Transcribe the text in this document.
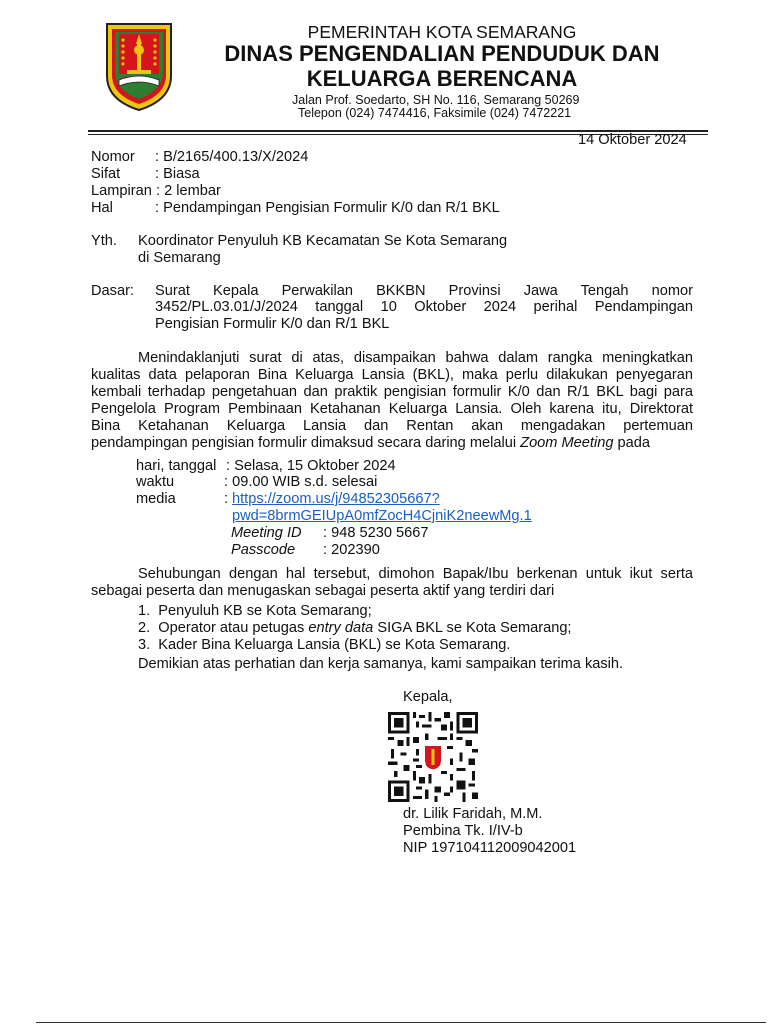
PEMERINTAH KOTA SEMARANG
DINAS PENGENDALIAN PENDUDUK DAN
KELUARGA BERENCANA
Jalan Prof. Soedarto, SH No. 116, Semarang 50269
Telepon (024) 7474416, Faksimile (024) 7472221
14 Oktober 2024
Nomor : B/2165/400.13/X/2024
Sifat : Biasa
Lampiran : 2 lembar
Hal	: Pendampingan Pengisian Formulir K/0 dan R/1 BKL
Yth. Koordinator Penyuluh KB Kecamatan Se Kota Semarang
di Semarang
Dasar: Surat Kepala Perwakilan BKKBN Provinsi Jawa Tengah nomor
3452/PL.03.01/J/2024 tanggal 10 Oktober 2024 perihal Pendampingan
Pengisian Formulir K/0 dan R/1 BKL
Menindaklanjuti surat di atas, disampaikan bahwa dalam rangka meningkatkan
kualitas data pelaporan Bina Keluarga Lansia (BKL), maka perlu dilakukan penyegaran
kembali terhadap pengetahuan dan praktik pengisian formulir K/0 dan R/1 BKL bagi para
Pengelola Program Pembinaan Ketahanan Keluarga Lansia. Oleh karena itu, Direktorat
Bina Ketahanan Keluarga Lansia dan Rentan akan mengadakan pertemuan
pendampingan pengisian formulir dimaksud secara daring melalui Zoom Meeting pada
hari, tanggal : Selasa, 15 Oktober 2024
waktu	: 09.00 WIB s.d. selesai
media	: https://zoom.us/j/94852305667?
pwd=8brmGEIUpA0mfZocH4CjniK2neewMg.1
Meeting ID : 948 5230 5667
Passcode : 202390
Sehubungan dengan hal tersebut, dimohon Bapak/Ibu berkenan untuk ikut serta
sebagai peserta dan menugaskan sebagai peserta aktif yang terdiri dari
1. Penyuluh KB se Kota Semarang;
2. Operator atau petugas entry data SIGA BKL se Kota Semarang;
3. Kader Bina Keluarga Lansia (BKL) se Kota Semarang.
Demikian atas perhatian dan kerja samanya, kami sampaikan terima kasih.
Kepala,
dr. Lilik Faridah, M.M.
Pembina Tk. I/IV-b
NIP 197104112009042001
